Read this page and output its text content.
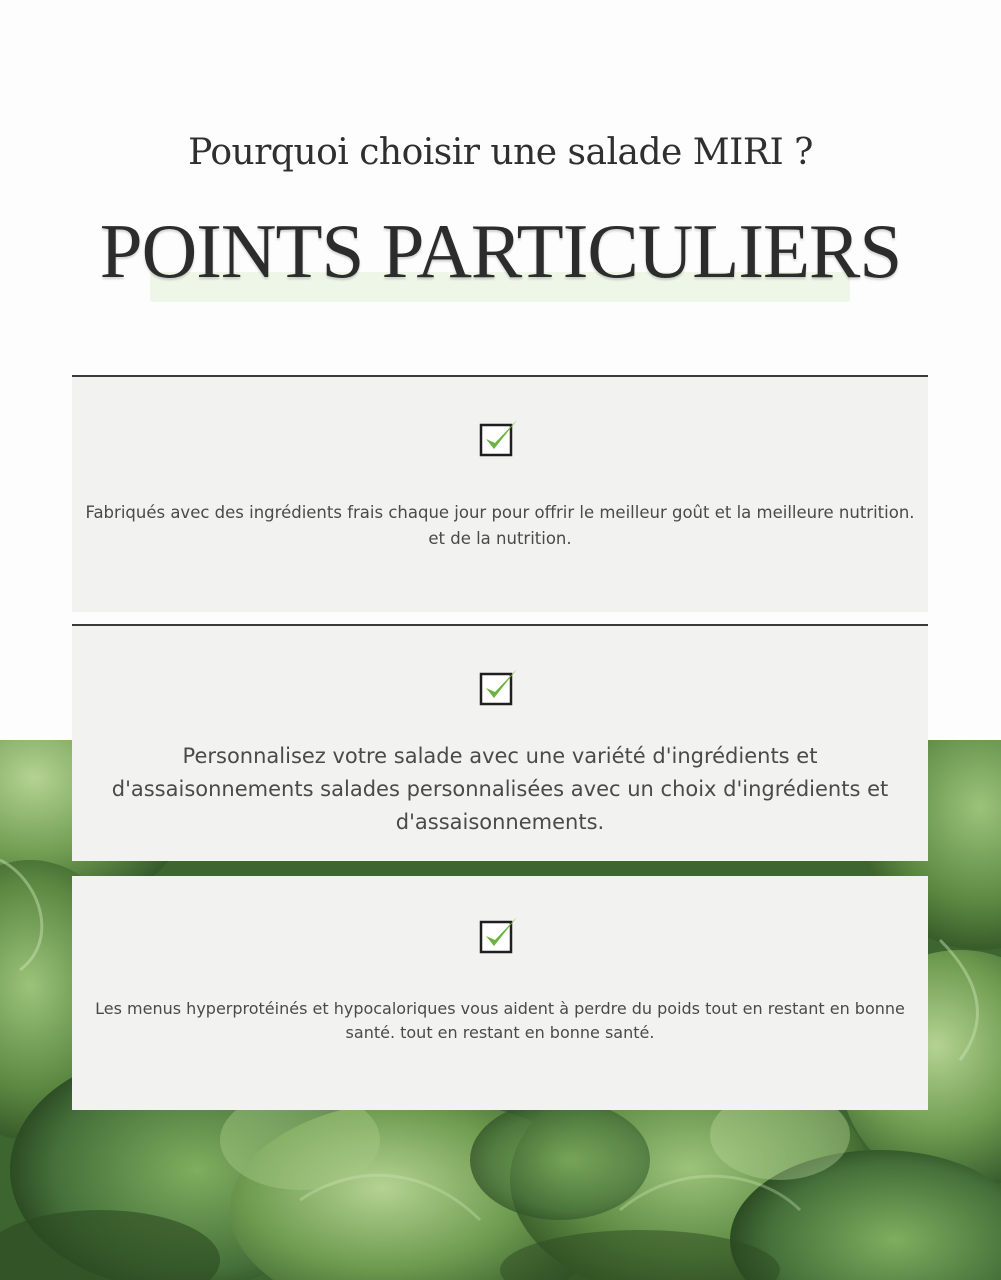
Pourquoi choisir une salade MIRI ?
POINTS PARTICULIERS

Fabriqués avec des ingrédients frais chaque jour pour offrir le meilleur goût et la meilleure nutrition. et de la nutrition.

Personnalisez votre salade avec une variété d'ingrédients et d'assaisonnements salades personnalisées avec un choix d'ingrédients et d'assaisonnements.

Les menus hyperprotéinés et hypocaloriques vous aident à perdre du poids tout en restant en bonne santé. tout en restant en bonne santé.
